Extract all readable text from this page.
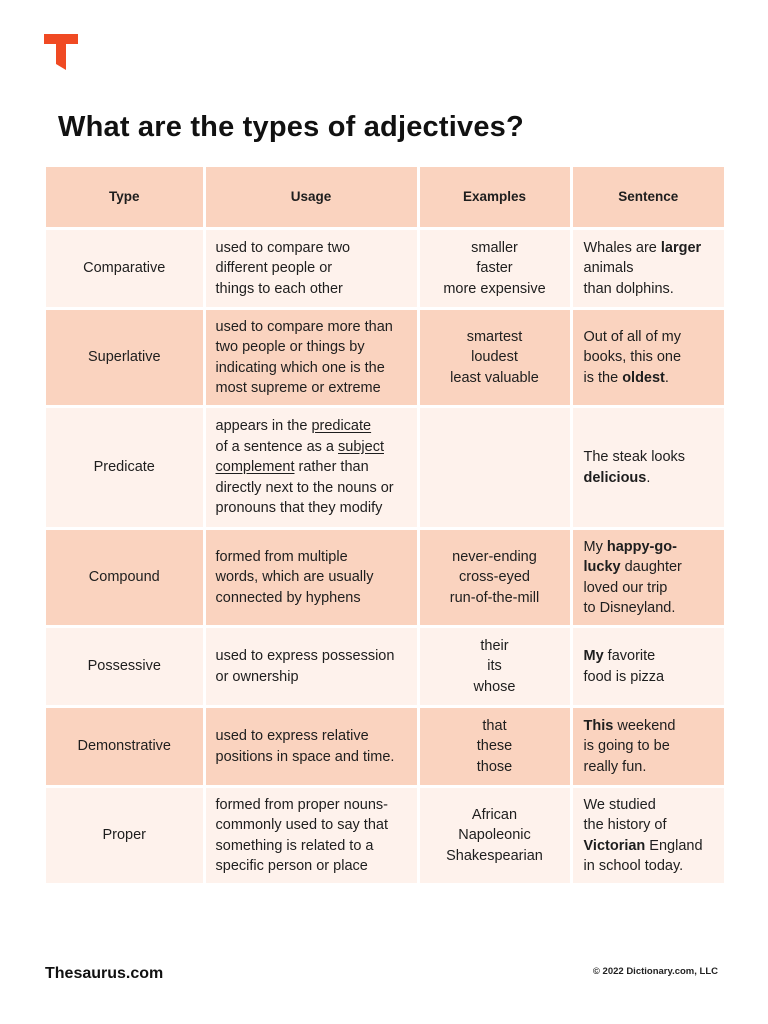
What are the types of adjectives?
Type	Usage	Examples	Sentence
Comparative	used to compare two
different people or
things to each other	smaller
faster
more expensive	Whales are larger animals
than dolphins.
Superlative	used to compare more than
two people or things by
indicating which one is the
most supreme or extreme	smartest
loudest
least valuable	Out of all of my
books, this one
is the oldest.
Predicate	appears in the predicate
of a sentence as a subject
complement rather than
directly next to the nouns or
pronouns that they modify		The steak looks
delicious.
Compound	formed from multiple
words, which are usually
connected by hyphens	never-ending
cross-eyed
run-of-the-mill	My happy-go-
lucky daughter
loved our trip
to Disneyland.
Possessive	used to express possession
or ownership	their
its
whose	My favorite
food is pizza
Demonstrative	used to express relative
positions in space and time.	that
these
those	This weekend
is going to be
really fun.
Proper	formed from proper nouns-
commonly used to say that
something is related to a
specific person or place	African
Napoleonic
Shakespearian	We studied
the history of
Victorian England
in school today.
Thesaurus.com	© 2022 Dictionary.com, LLC
